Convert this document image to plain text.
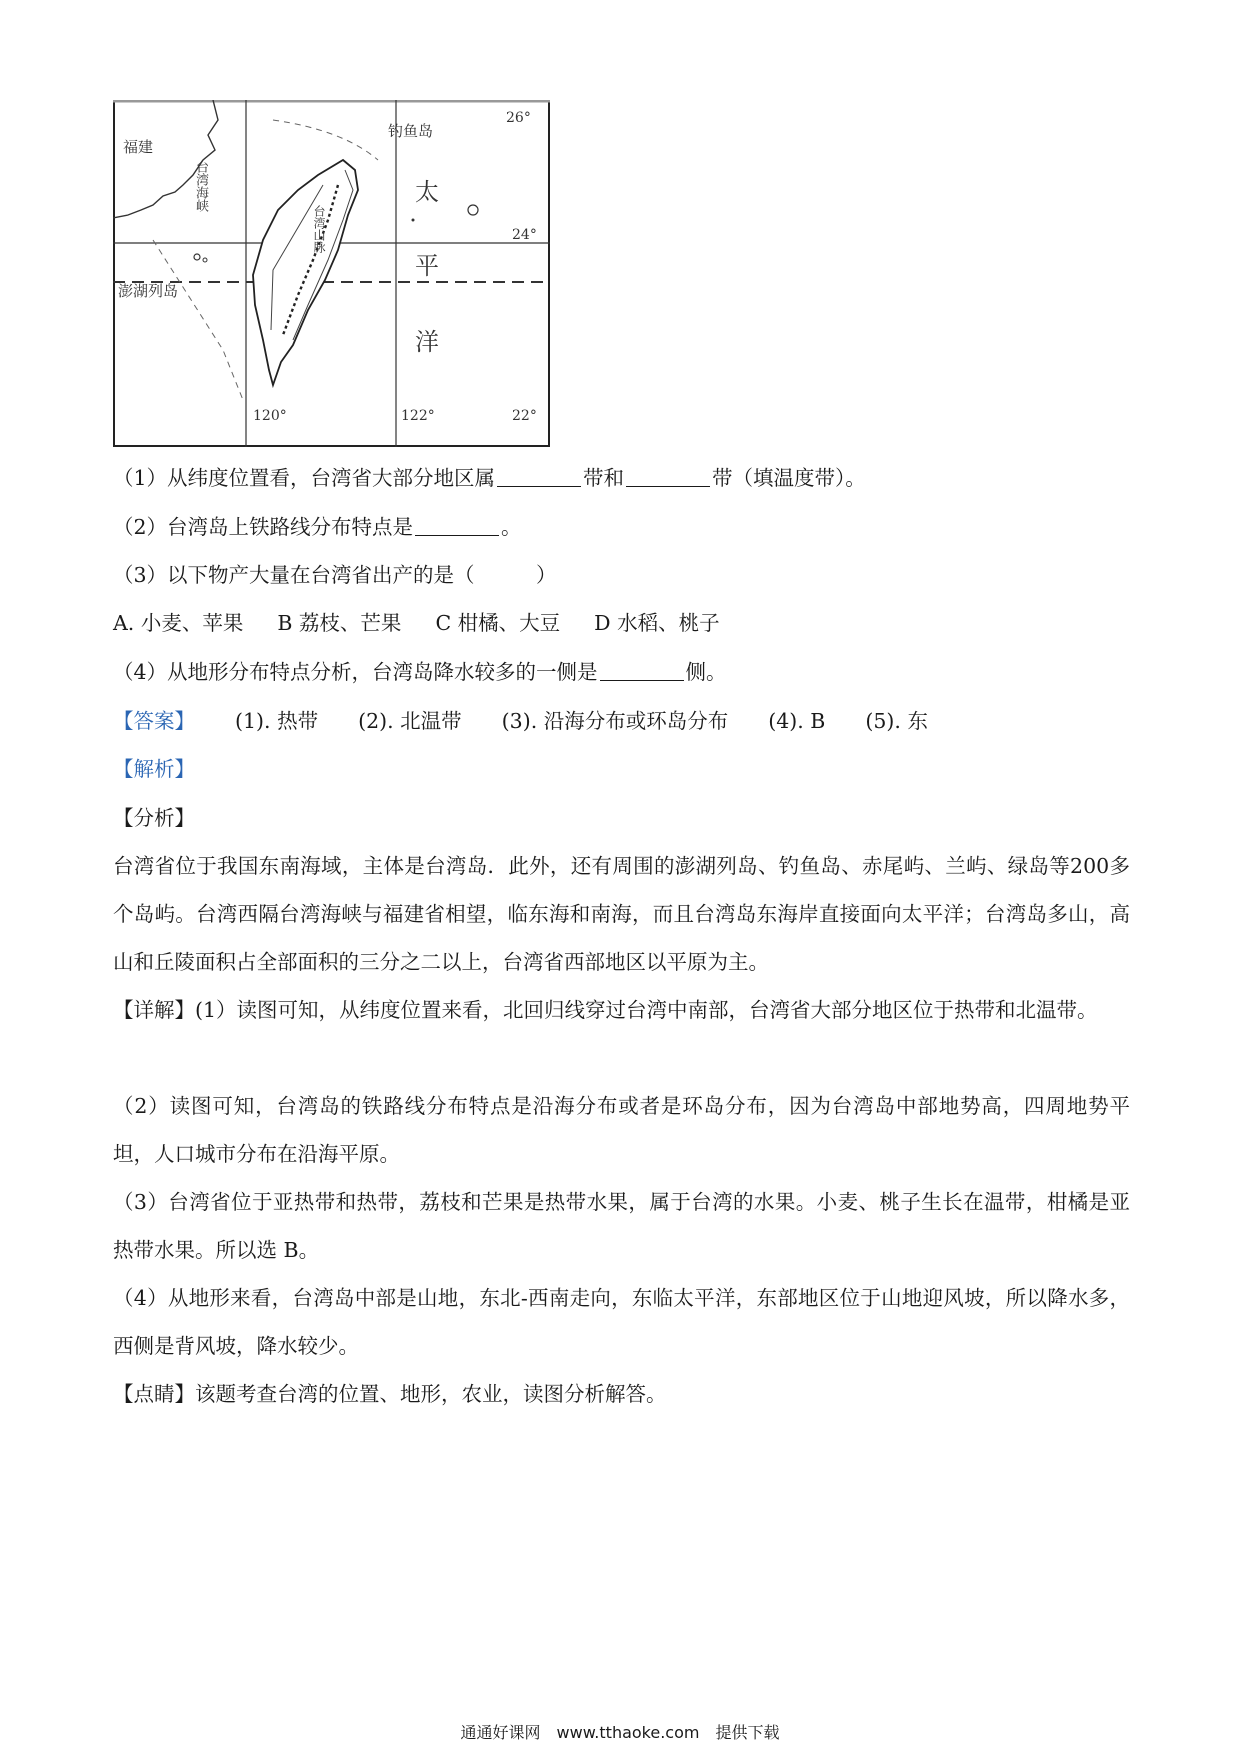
福建
钓鱼岛
澎湖列岛
台湾海峡
台湾山脉
太
平
洋
26°
24°
22°
120°	122°
（1）从纬度位置看，台湾省大部分地区属	带和	带（填温度带）。
（2）台湾岛上铁路线分布特点是	。
（3）以下物产大量在台湾省出产的是（　　　）
A. 小麦、苹果 B 荔枝、芒果 C 柑橘、大豆 D 水稻、桃子
（4）从地形分布特点分析，台湾岛降水较多的一侧是	侧。
【答案】 (1). 热带 (2). 北温带 (3). 沿海分布或环岛分布 (4). B (5). 东
【解析】
【分析】
台湾省位于我国东南海域，主体是台湾岛．此外，还有周围的澎湖列岛、钓鱼岛、赤尾屿、兰屿、绿岛等200多个岛屿。台湾西隔台湾海峡与福建省相望，临东海和南海，而且台湾岛东海岸直接面向太平洋；台湾岛多山，高山和丘陵面积占全部面积的三分之二以上，台湾省西部地区以平原为主。
【详解】(1）读图可知，从纬度位置来看，北回归线穿过台湾中南部，台湾省大部分地区位于热带和北温带。
（2）读图可知，台湾岛的铁路线分布特点是沿海分布或者是环岛分布，因为台湾岛中部地势高，四周地势平坦，人口城市分布在沿海平原。
（3）台湾省位于亚热带和热带，荔枝和芒果是热带水果，属于台湾的水果。小麦、桃子生长在温带，柑橘是亚热带水果。所以选 B。
（4）从地形来看，台湾岛中部是山地，东北-西南走向，东临太平洋，东部地区位于山地迎风坡，所以降水多，西侧是背风坡，降水较少。
【点睛】该题考查台湾的位置、地形，农业，读图分析解答。
通通好课网　www.tthaoke.com　提供下载
